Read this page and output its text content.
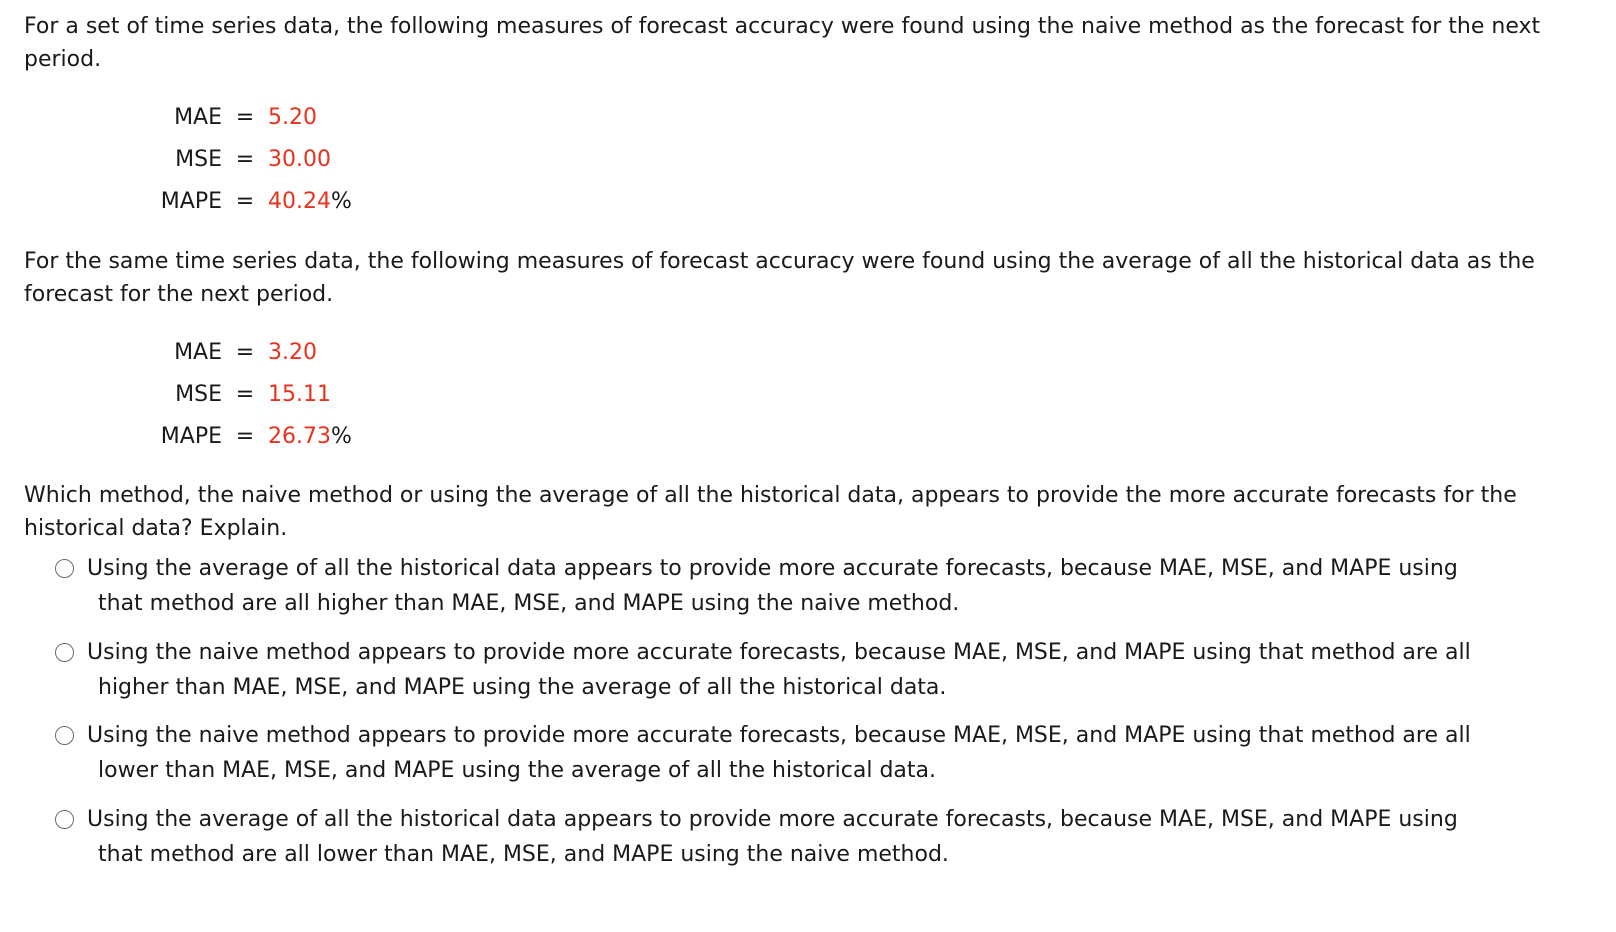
For a set of time series data, the following measures of forecast accuracy were found using the naive method as the forecast for the next period.

MAE = 5.20
MSE = 30.00
MAPE = 40.24 %

For the same time series data, the following measures of forecast accuracy were found using the average of all the historical data as the forecast for the next period.

MAE = 3.20
MSE = 15.11
MAPE = 26.73 %

Which method, the naive method or using the average of all the historical data, appears to provide the more accurate forecasts for the historical data? Explain.

Using the average of all the historical data appears to provide more accurate forecasts, because MAE, MSE, and MAPE using
that method are all higher than MAE, MSE, and MAPE using the naive method.
Using the naive method appears to provide more accurate forecasts, because MAE, MSE, and MAPE using that method are all
higher than MAE, MSE, and MAPE using the average of all the historical data.
Using the naive method appears to provide more accurate forecasts, because MAE, MSE, and MAPE using that method are all
lower than MAE, MSE, and MAPE using the average of all the historical data.
Using the average of all the historical data appears to provide more accurate forecasts, because MAE, MSE, and MAPE using
that method are all lower than MAE, MSE, and MAPE using the naive method.
